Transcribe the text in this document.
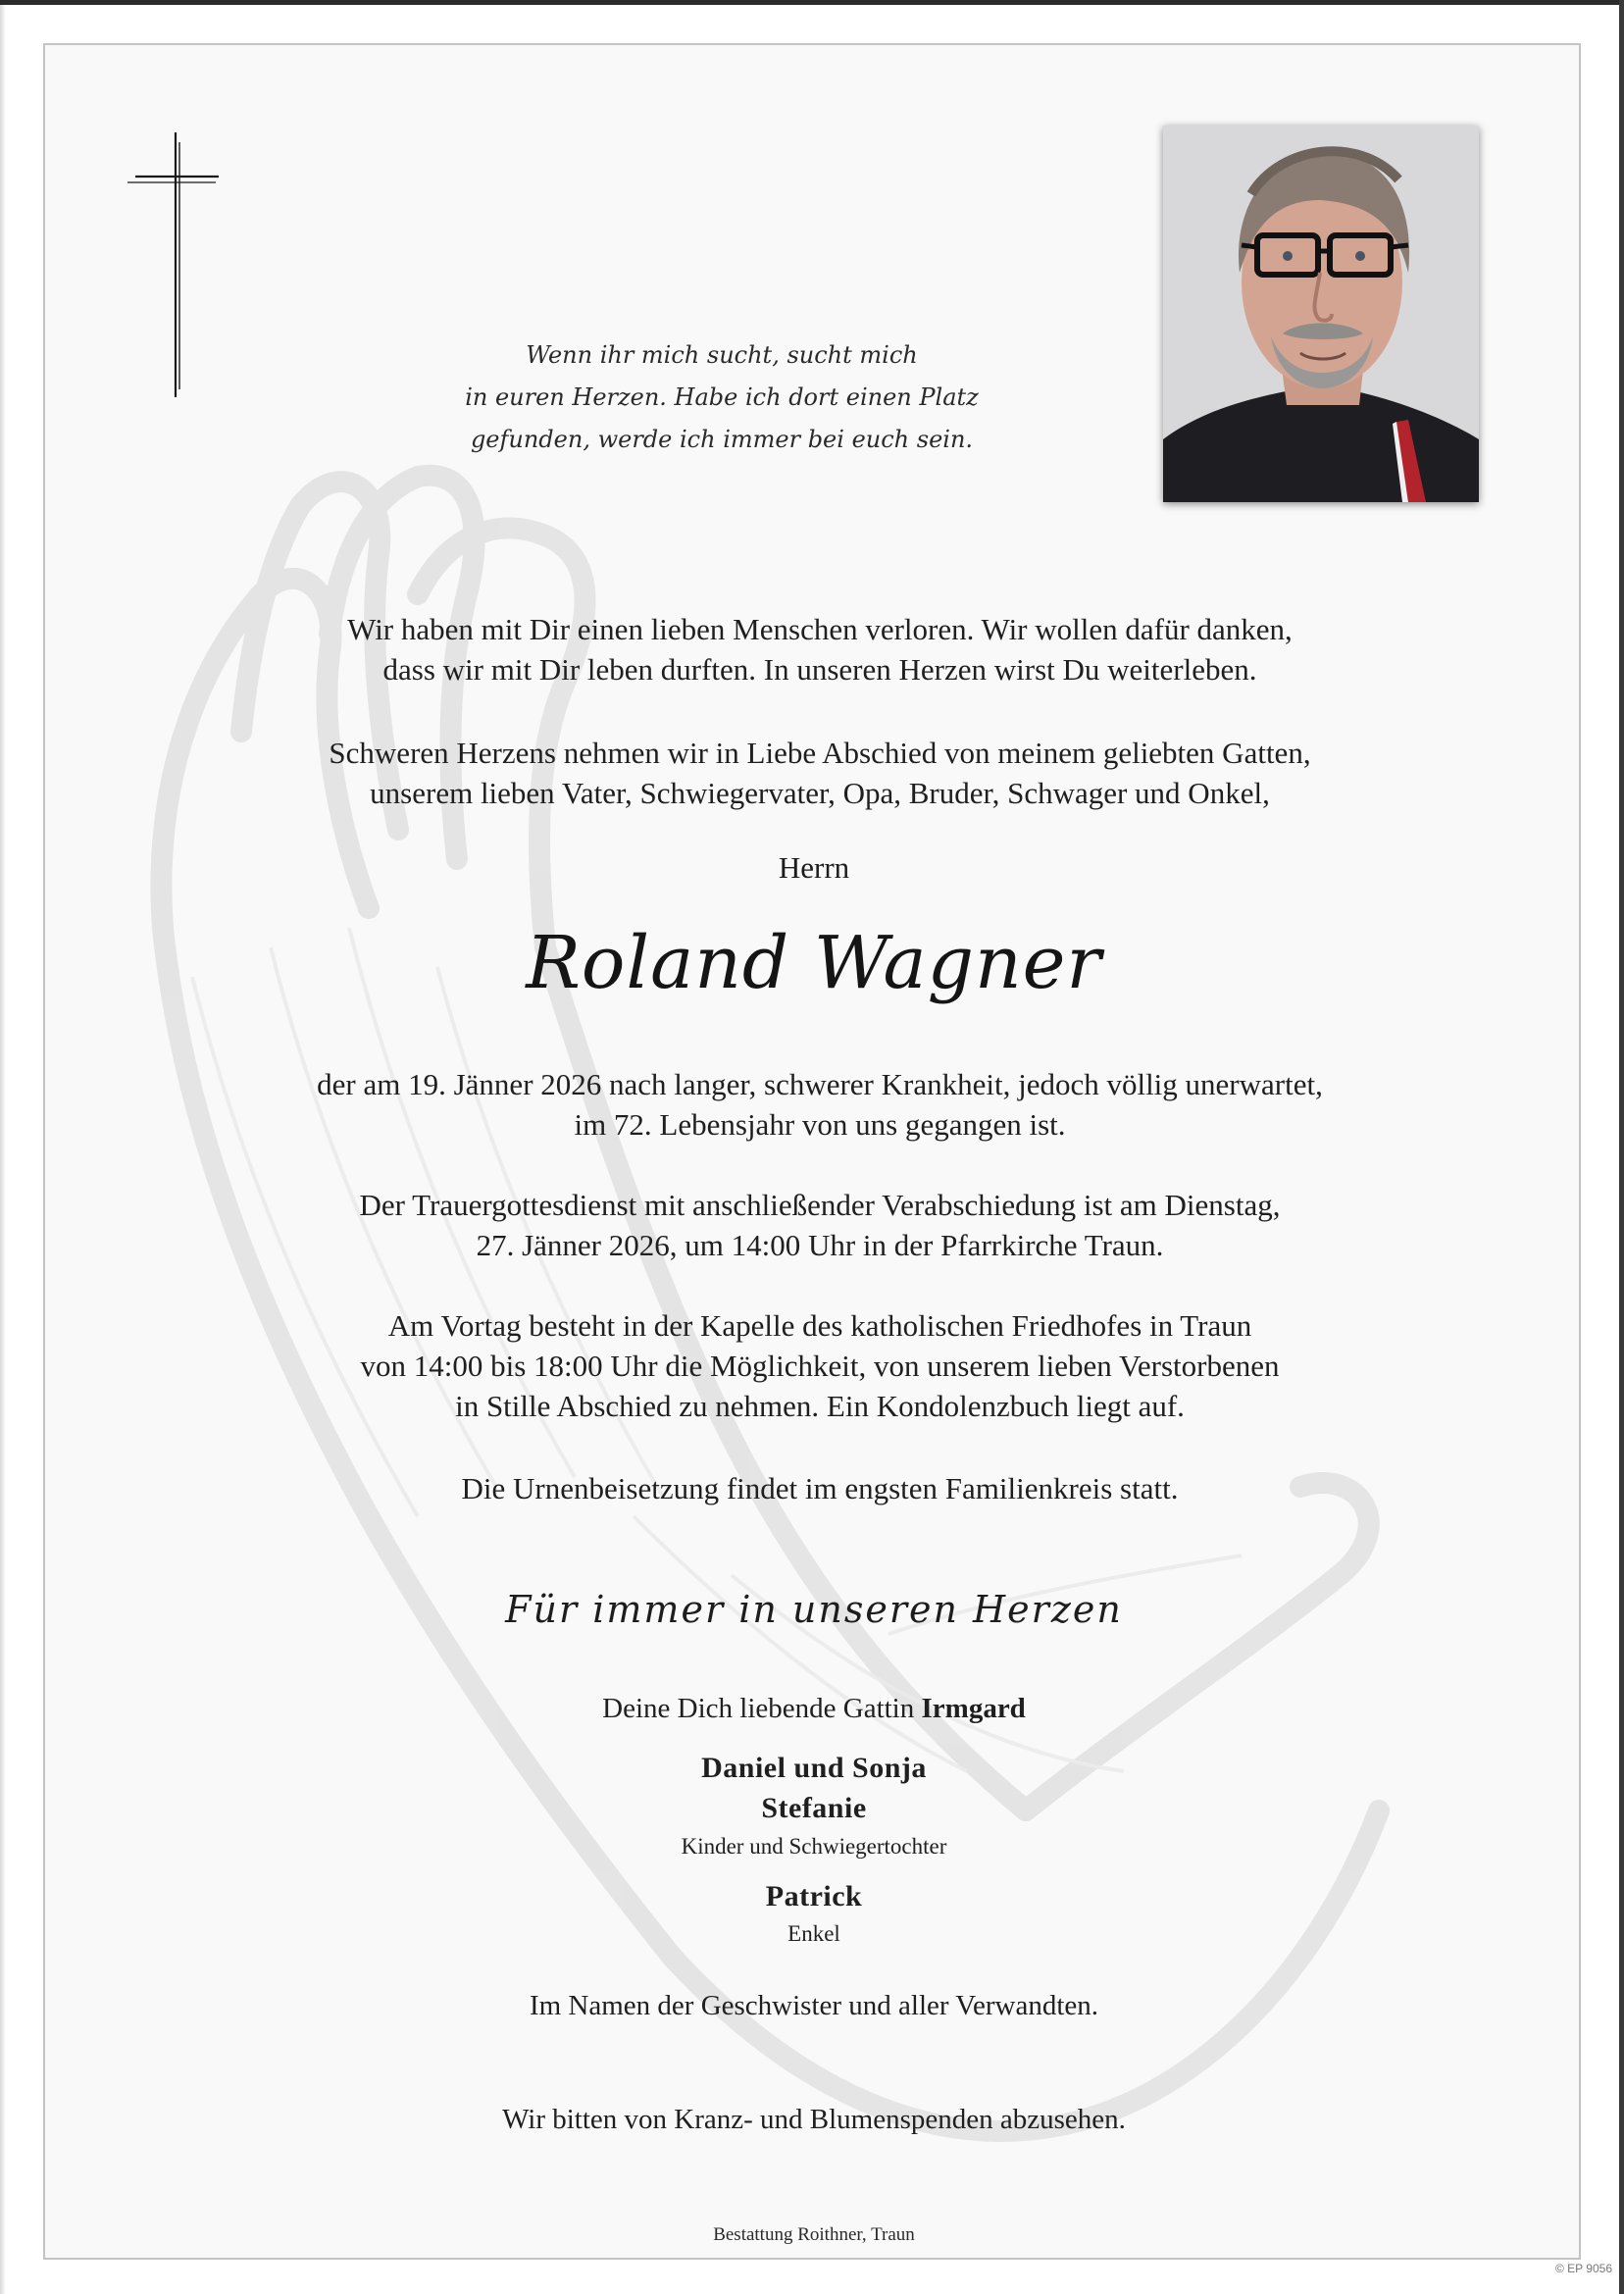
Wenn ihr mich sucht, sucht mich
in euren Herzen. Habe ich dort einen Platz
gefunden, werde ich immer bei euch sein.
Wir haben mit Dir einen lieben Menschen verloren. Wir wollen dafür danken,
dass wir mit Dir leben durften. In unseren Herzen wirst Du weiterleben.
Schweren Herzens nehmen wir in Liebe Abschied von meinem geliebten Gatten,
unserem lieben Vater, Schwiegervater, Opa, Bruder, Schwager und Onkel,
Herrn
Roland Wagner
der am 19. Jänner 2026 nach langer, schwerer Krankheit, jedoch völlig unerwartet,
im 72. Lebensjahr von uns gegangen ist.
Der Trauergottesdienst mit anschließender Verabschiedung ist am Dienstag,
27. Jänner 2026, um 14:00 Uhr in der Pfarrkirche Traun.
Am Vortag besteht in der Kapelle des katholischen Friedhofes in Traun
von 14:00 bis 18:00 Uhr die Möglichkeit, von unserem lieben Verstorbenen
in Stille Abschied zu nehmen. Ein Kondolenzbuch liegt auf.
Die Urnenbeisetzung findet im engsten Familienkreis statt.
Für immer in unseren Herzen
Deine Dich liebende Gattin Irmgard
Daniel und Sonja
Stefanie
Kinder und Schwiegertochter
Patrick
Enkel
Im Namen der Geschwister und aller Verwandten.
Wir bitten von Kranz- und Blumenspenden abzusehen.
Bestattung Roithner, Traun
© EP 9056
